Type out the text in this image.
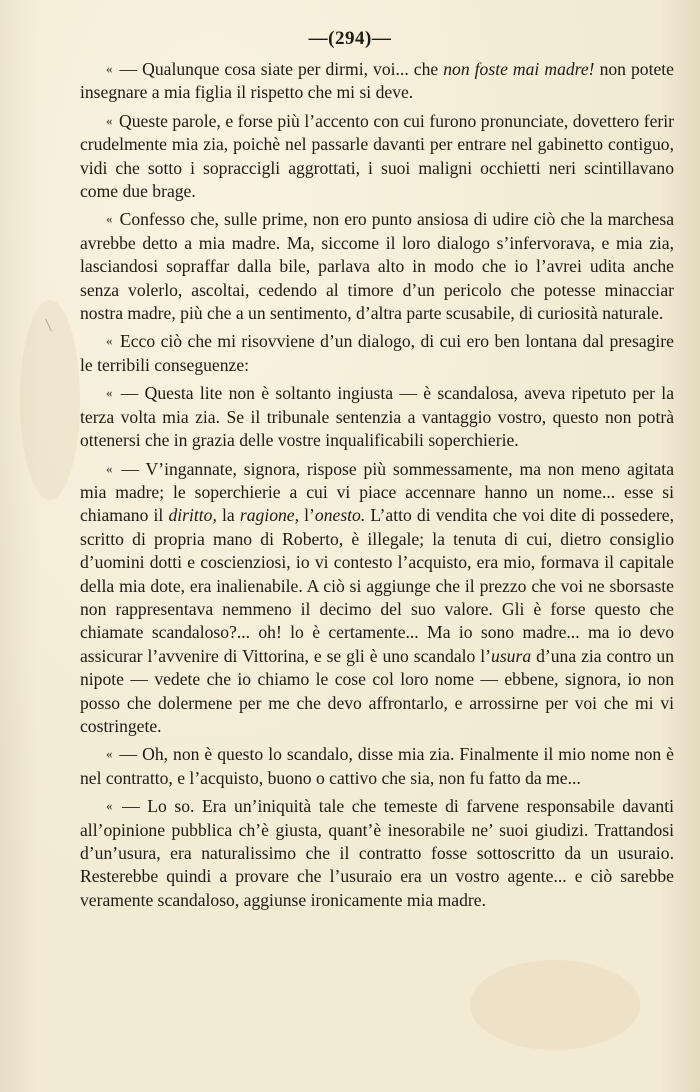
—(294)—

« — Qualunque cosa siate per dirmi, voi... che non foste mai madre! non potete insegnare a mia figlia il rispetto che mi si deve.

« Queste parole, e forse più l’accento con cui furono pronunciate, dovettero ferir crudelmente mia zia, poichè nel passarle davanti per entrare nel gabinetto contiguo, vidi che sotto i sopraccigli aggrottati, i suoi maligni occhietti neri scintillavano come due brage.

« Confesso che, sulle prime, non ero punto ansiosa di udire ciò che la marchesa avrebbe detto a mia madre. Ma, siccome il loro dialogo s’infervorava, e mia zia, lasciandosi sopraffar dalla bile, parlava alto in modo che io l’avrei udita anche senza volerlo, ascoltai, cedendo al timore d’un pericolo che potesse minacciar nostra madre, più che a un sentimento, d’altra parte scusabile, di curiosità naturale.

« Ecco ciò che mi risovviene d’un dialogo, di cui ero ben lontana dal presagire le terribili conseguenze:

« — Questa lite non è soltanto ingiusta — è scandalosa, aveva ripetuto per la terza volta mia zia. Se il tribunale sentenzia a vantaggio vostro, questo non potrà ottenersi che in grazia delle vostre inqualificabili soperchierie.

« — V’ingannate, signora, rispose più sommessamente, ma non meno agitata mia madre; le soperchierie a cui vi piace accennare hanno un nome... esse si chiamano il diritto, la ragione, l’onesto. L’atto di vendita che voi dite di possedere, scritto di propria mano di Roberto, è illegale; la tenuta di cui, dietro consiglio d’uomini dotti e coscienziosi, io vi contesto l’acquisto, era mio, formava il capitale della mia dote, era inalienabile. A ciò si aggiunge che il prezzo che voi ne sborsaste non rappresentava nemmeno il decimo del suo valore. Gli è forse questo che chiamate scandaloso?... oh! lo è certamente... Ma io sono madre... ma io devo assicurar l’avvenire di Vittorina, e se gli è uno scandalo l’usura d’una zia contro un nipote — vedete che io chiamo le cose col loro nome — ebbene, signora, io non posso che dolermene per me che devo affrontarlo, e arrossirne per voi che mi vi costringete.

« — Oh, non è questo lo scandalo, disse mia zia. Finalmente il mio nome non è nel contratto, e l’acquisto, buono o cattivo che sia, non fu fatto da me...

« — Lo so. Era un’iniquità tale che temeste di farvene responsabile davanti all’opinione pubblica ch’è giusta, quant’è inesorabile ne’ suoi giudizi. Trattandosi d’un’usura, era naturalissimo che il contratto fosse sottoscritto da un usuraio. Resterebbe quindi a provare che l’usuraio era un vostro agente... e ciò sarebbe veramente scandaloso, aggiunse ironicamente mia madre.
